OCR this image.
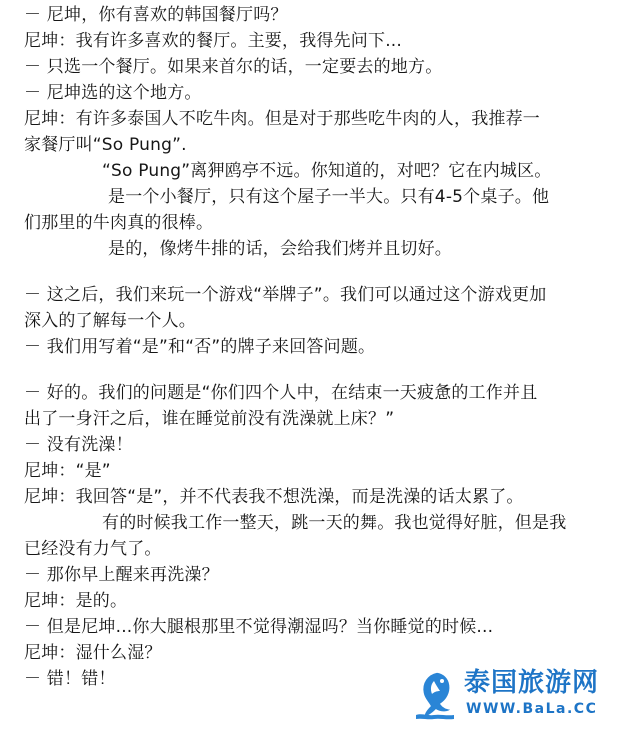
－ 尼坤，你有喜欢的韩国餐厅吗？
尼坤：我有许多喜欢的餐厅。主要，我得先问下...
－ 只选一个餐厅。如果来首尔的话，一定要去的地方。
－ 尼坤选的这个地方。
尼坤：有许多泰国人不吃牛肉。但是对于那些吃牛肉的人，我推荐一
家餐厅叫“So Pung”.
“So Pung”离狎鸥亭不远。你知道的，对吧？它在内城区。
是一个小餐厅，只有这个屋子一半大。只有4-5个桌子。他
们那里的牛肉真的很棒。
是的，像烤牛排的话，会给我们烤并且切好。
－ 这之后，我们来玩一个游戏“举牌子”。我们可以通过这个游戏更加
深入的了解每一个人。
－ 我们用写着“是”和“否”的牌子来回答问题。
－ 好的。我们的问题是“你们四个人中，在结束一天疲惫的工作并且
出了一身汗之后，谁在睡觉前没有洗澡就上床？”
－ 没有洗澡！
尼坤：“是”
尼坤：我回答“是”，并不代表我不想洗澡，而是洗澡的话太累了。
有的时候我工作一整天，跳一天的舞。我也觉得好脏，但是我
已经没有力气了。
－ 那你早上醒来再洗澡？
尼坤：是的。
－ 但是尼坤...你大腿根那里不觉得潮湿吗？当你睡觉的时候...
尼坤：湿什么湿？
－ 错！错！	泰国旅游网
WWW.BaLa.CC
